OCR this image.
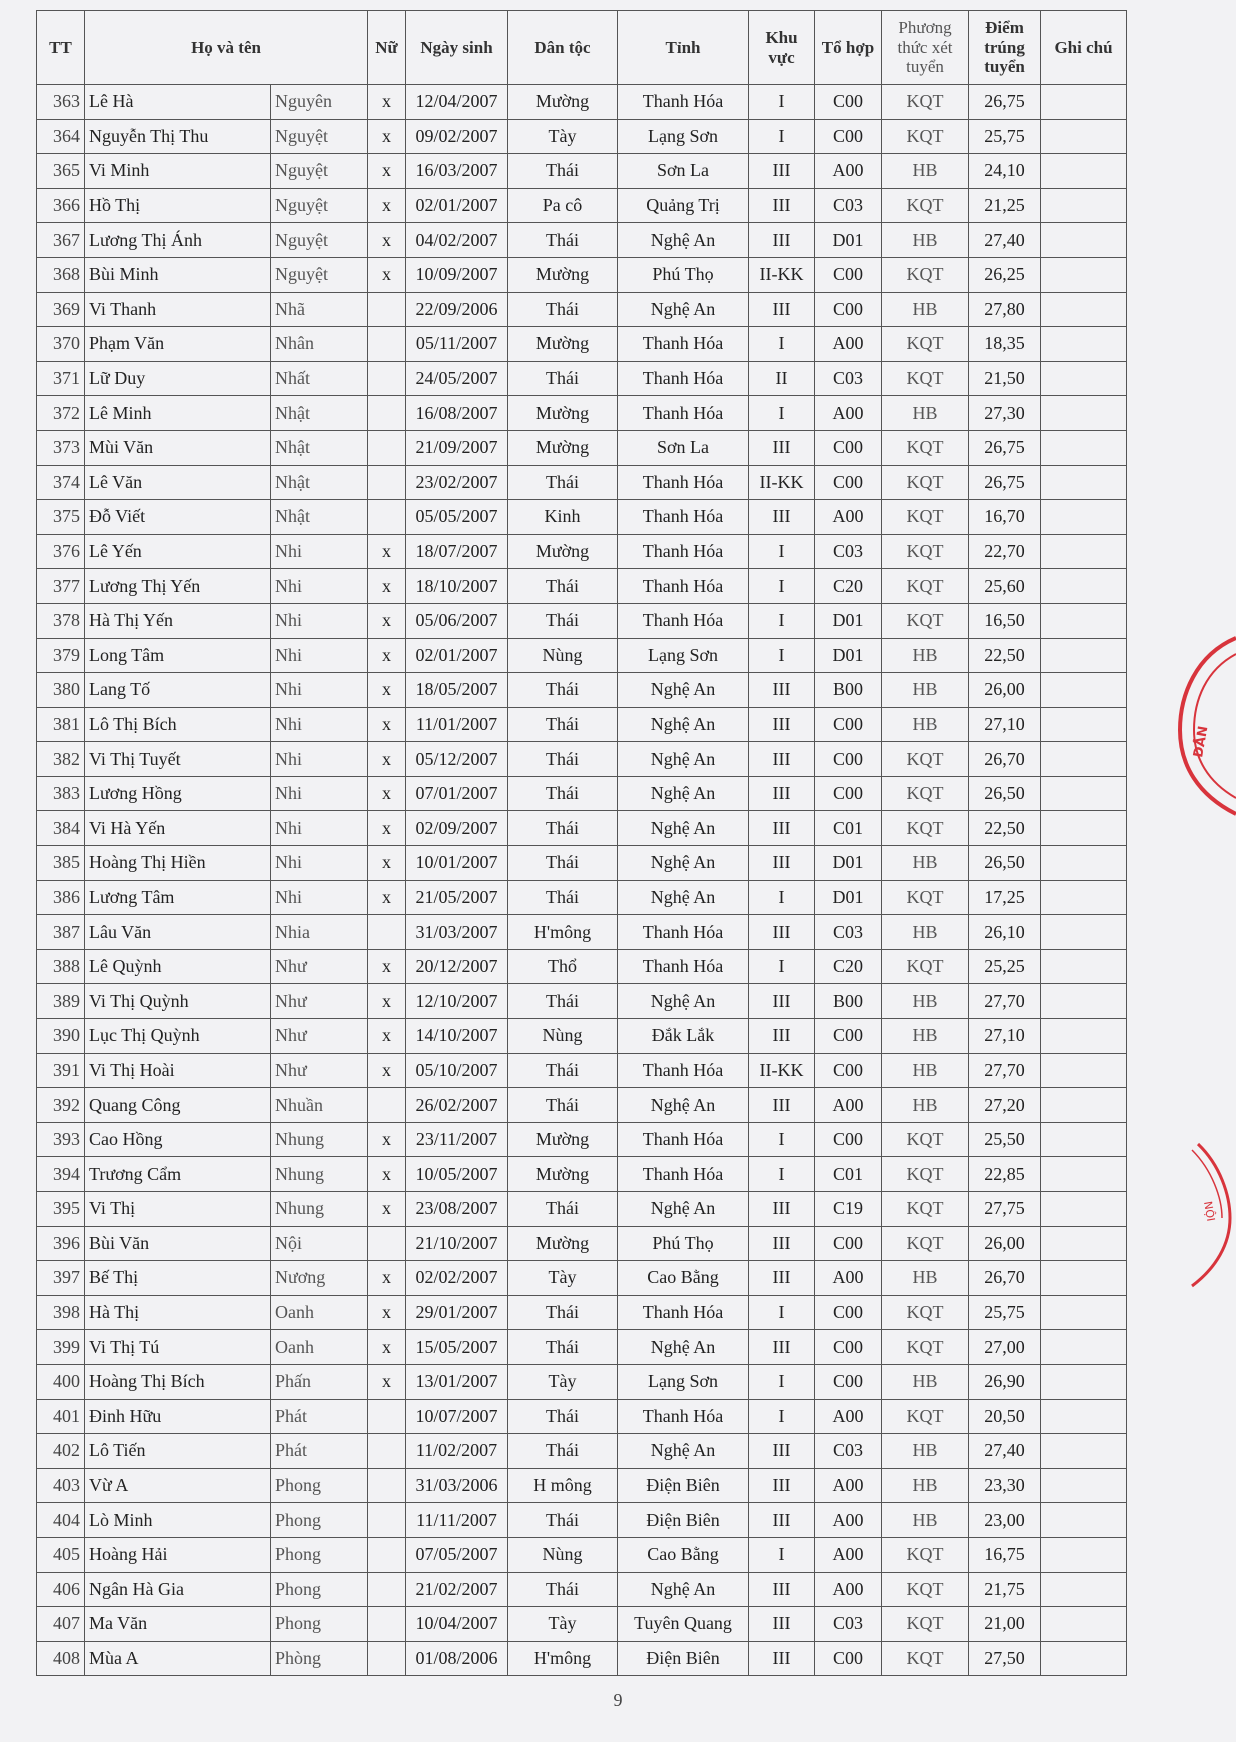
TT	Họ và tên		Nữ	Ngày sinh	Dân tộc	Tỉnh	Khu vực	Tổ hợp	Phương thức xét tuyển	Điểm trúng tuyển	Ghi chú
363	Lê Hà	Nguyên	x	12/04/2007	Mường	Thanh Hóa	I	C00	KQT	26,75	
364	Nguyễn Thị Thu	Nguyệt	x	09/02/2007	Tày	Lạng Sơn	I	C00	KQT	25,75	
365	Vi Minh	Nguyệt	x	16/03/2007	Thái	Sơn La	III	A00	HB	24,10	
366	Hồ Thị	Nguyệt	x	02/01/2007	Pa cô	Quảng Trị	III	C03	KQT	21,25	
367	Lương Thị Ánh	Nguyệt	x	04/02/2007	Thái	Nghệ An	III	D01	HB	27,40	
368	Bùi Minh	Nguyệt	x	10/09/2007	Mường	Phú Thọ	II-KK	C00	KQT	26,25	
369	Vi Thanh	Nhã		22/09/2006	Thái	Nghệ An	III	C00	HB	27,80	
370	Phạm Văn	Nhân		05/11/2007	Mường	Thanh Hóa	I	A00	KQT	18,35	
371	Lữ Duy	Nhất		24/05/2007	Thái	Thanh Hóa	II	C03	KQT	21,50	
372	Lê Minh	Nhật		16/08/2007	Mường	Thanh Hóa	I	A00	HB	27,30	
373	Mùi Văn	Nhật		21/09/2007	Mường	Sơn La	III	C00	KQT	26,75	
374	Lê Văn	Nhật		23/02/2007	Thái	Thanh Hóa	II-KK	C00	KQT	26,75	
375	Đỗ Viết	Nhật		05/05/2007	Kinh	Thanh Hóa	III	A00	KQT	16,70	
376	Lê Yến	Nhi	x	18/07/2007	Mường	Thanh Hóa	I	C03	KQT	22,70	
377	Lương Thị Yến	Nhi	x	18/10/2007	Thái	Thanh Hóa	I	C20	KQT	25,60	
378	Hà Thị Yến	Nhi	x	05/06/2007	Thái	Thanh Hóa	I	D01	KQT	16,50	
379	Long Tâm	Nhi	x	02/01/2007	Nùng	Lạng Sơn	I	D01	HB	22,50	
380	Lang Tố	Nhi	x	18/05/2007	Thái	Nghệ An	III	B00	HB	26,00	
381	Lô Thị Bích	Nhi	x	11/01/2007	Thái	Nghệ An	III	C00	HB	27,10	
382	Vi Thị Tuyết	Nhi	x	05/12/2007	Thái	Nghệ An	III	C00	KQT	26,70	
383	Lương Hồng	Nhi	x	07/01/2007	Thái	Nghệ An	III	C00	KQT	26,50	
384	Vi Hà Yến	Nhi	x	02/09/2007	Thái	Nghệ An	III	C01	KQT	22,50	
385	Hoàng Thị Hiền	Nhi	x	10/01/2007	Thái	Nghệ An	III	D01	HB	26,50	
386	Lương Tâm	Nhi	x	21/05/2007	Thái	Nghệ An	I	D01	KQT	17,25	
387	Lâu Văn	Nhia		31/03/2007	H'mông	Thanh Hóa	III	C03	HB	26,10	
388	Lê Quỳnh	Như	x	20/12/2007	Thổ	Thanh Hóa	I	C20	KQT	25,25	
389	Vi Thị Quỳnh	Như	x	12/10/2007	Thái	Nghệ An	III	B00	HB	27,70	
390	Lục Thị Quỳnh	Như	x	14/10/2007	Nùng	Đắk Lắk	III	C00	HB	27,10	
391	Vi Thị Hoài	Như	x	05/10/2007	Thái	Thanh Hóa	II-KK	C00	HB	27,70	
392	Quang Công	Nhuần		26/02/2007	Thái	Nghệ An	III	A00	HB	27,20	
393	Cao Hồng	Nhung	x	23/11/2007	Mường	Thanh Hóa	I	C00	KQT	25,50	
394	Trương Cẩm	Nhung	x	10/05/2007	Mường	Thanh Hóa	I	C01	KQT	22,85	
395	Vi Thị	Nhung	x	23/08/2007	Thái	Nghệ An	III	C19	KQT	27,75	
396	Bùi Văn	Nội		21/10/2007	Mường	Phú Thọ	III	C00	KQT	26,00	
397	Bế Thị	Nương	x	02/02/2007	Tày	Cao Bằng	III	A00	HB	26,70	
398	Hà Thị	Oanh	x	29/01/2007	Thái	Thanh Hóa	I	C00	KQT	25,75	
399	Vi Thị Tú	Oanh	x	15/05/2007	Thái	Nghệ An	III	C00	KQT	27,00	
400	Hoàng Thị Bích	Phấn	x	13/01/2007	Tày	Lạng Sơn	I	C00	HB	26,90	
401	Đinh Hữu	Phát		10/07/2007	Thái	Thanh Hóa	I	A00	KQT	20,50	
402	Lô Tiến	Phát		11/02/2007	Thái	Nghệ An	III	C03	HB	27,40	
403	Vừ A	Phong		31/03/2006	H mông	Điện Biên	III	A00	HB	23,30	
404	Lò Minh	Phong		11/11/2007	Thái	Điện Biên	III	A00	HB	23,00	
405	Hoàng Hải	Phong		07/05/2007	Nùng	Cao Bằng	I	A00	KQT	16,75	
406	Ngân Hà Gia	Phong		21/02/2007	Thái	Nghệ An	III	A00	KQT	21,75	
407	Ma Văn	Phong		10/04/2007	Tày	Tuyên Quang	III	C03	KQT	21,00	
408	Mùa A	Phòng		01/08/2006	H'mông	Điện Biên	III	C00	KQT	27,50	
9
DÂN
NỘI
